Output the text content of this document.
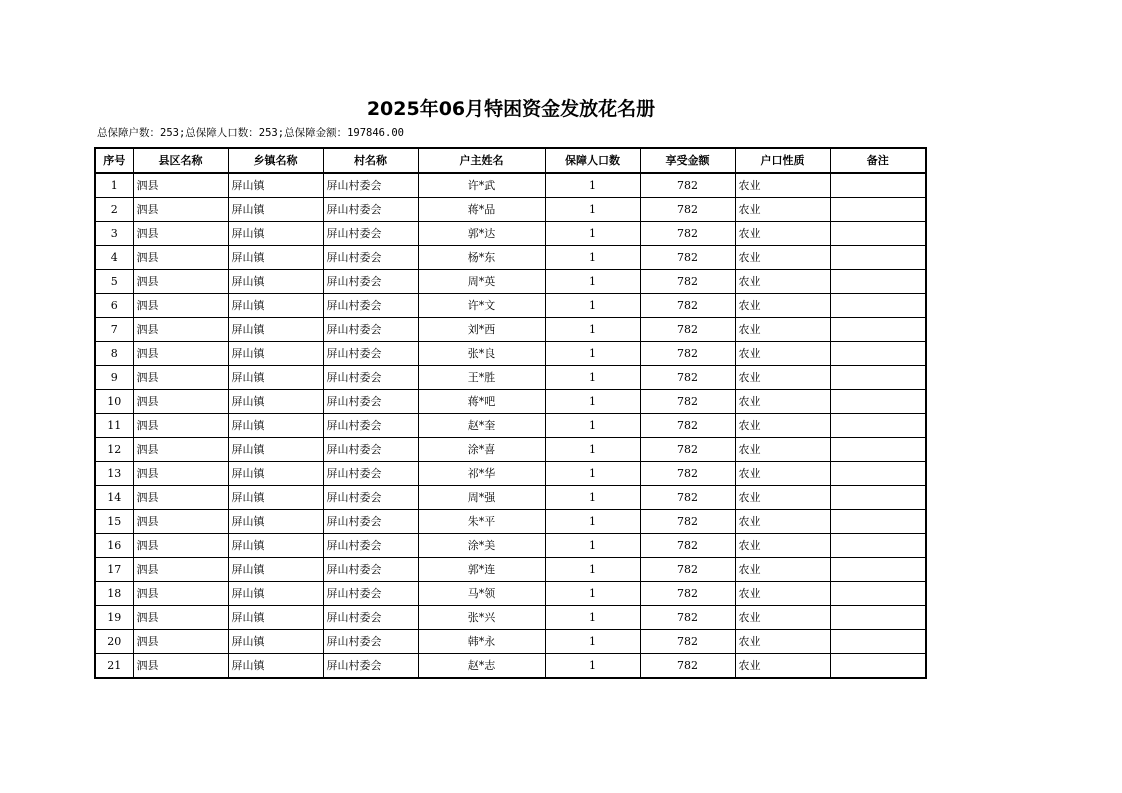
2025年06月特困资金发放花名册
总保障户数：253;总保障人口数：253;总保障金额：197846.00
序号	县区名称	乡镇名称	村名称	户主姓名	保障人口数	享受金额	户口性质	备注
1	泗县	屏山镇	屏山村委会	许*武	1	782	农业	
2	泗县	屏山镇	屏山村委会	蒋*品	1	782	农业	
3	泗县	屏山镇	屏山村委会	郭*达	1	782	农业	
4	泗县	屏山镇	屏山村委会	杨*东	1	782	农业	
5	泗县	屏山镇	屏山村委会	周*英	1	782	农业	
6	泗县	屏山镇	屏山村委会	许*文	1	782	农业	
7	泗县	屏山镇	屏山村委会	刘*西	1	782	农业	
8	泗县	屏山镇	屏山村委会	张*良	1	782	农业	
9	泗县	屏山镇	屏山村委会	王*胜	1	782	农业	
10	泗县	屏山镇	屏山村委会	蒋*吧	1	782	农业	
11	泗县	屏山镇	屏山村委会	赵*奎	1	782	农业	
12	泗县	屏山镇	屏山村委会	涂*喜	1	782	农业	
13	泗县	屏山镇	屏山村委会	祁*华	1	782	农业	
14	泗县	屏山镇	屏山村委会	周*强	1	782	农业	
15	泗县	屏山镇	屏山村委会	朱*平	1	782	农业	
16	泗县	屏山镇	屏山村委会	涂*美	1	782	农业	
17	泗县	屏山镇	屏山村委会	郭*连	1	782	农业	
18	泗县	屏山镇	屏山村委会	马*领	1	782	农业	
19	泗县	屏山镇	屏山村委会	张*兴	1	782	农业	
20	泗县	屏山镇	屏山村委会	韩*永	1	782	农业	
21	泗县	屏山镇	屏山村委会	赵*志	1	782	农业	
